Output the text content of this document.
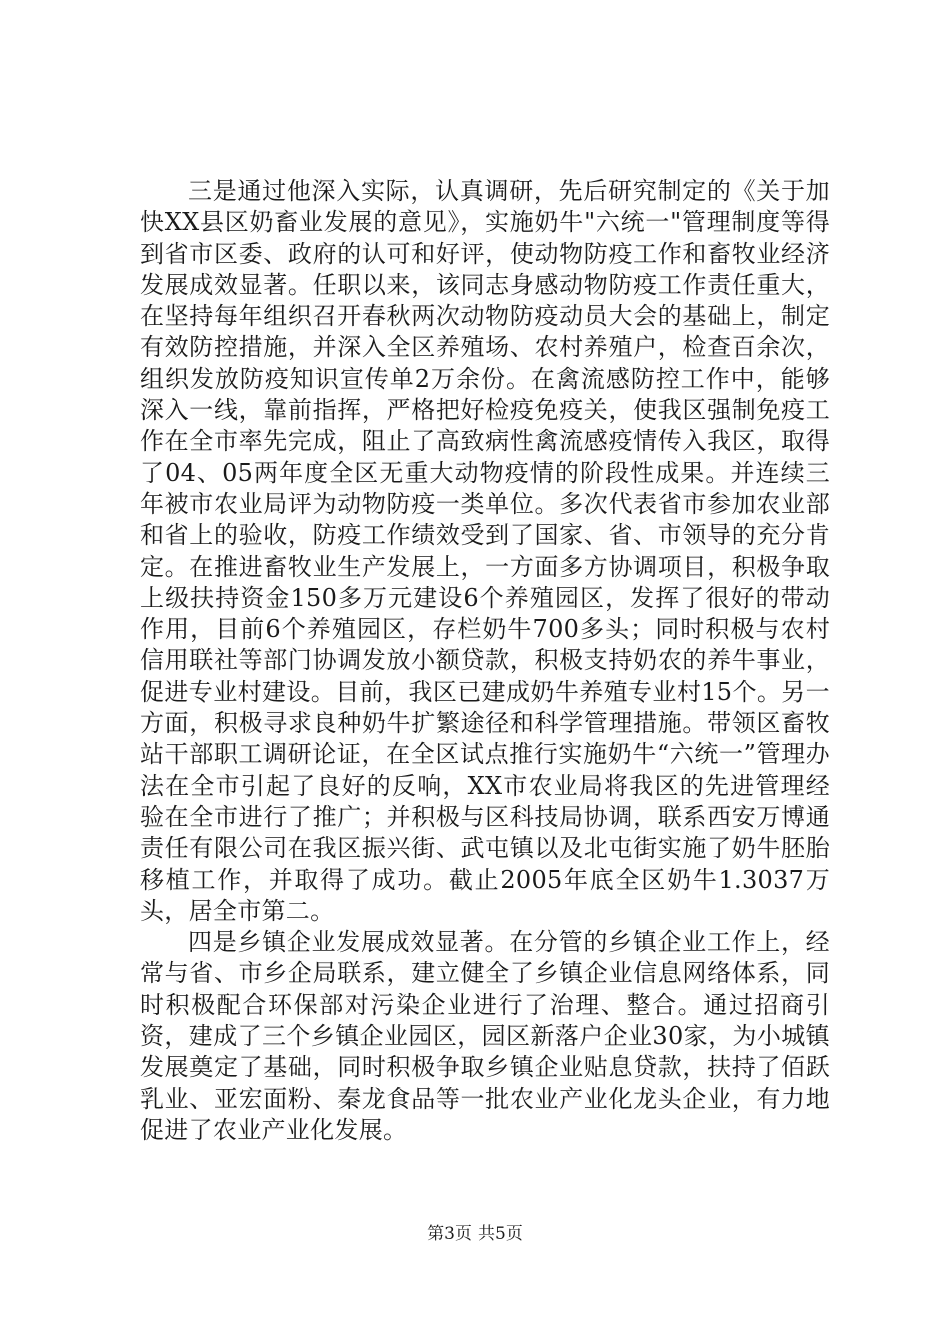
三是通过他深入实际，认真调研，先后研究制定的《关于加快XX县区奶畜业发展的意见》，实施奶牛"六统一"管理制度等得到省市区委、政府的认可和好评，使动物防疫工作和畜牧业经济发展成效显著。任职以来，该同志身感动物防疫工作责任重大，在坚持每年组织召开春秋两次动物防疫动员大会的基础上，制定有效防控措施，并深入全区养殖场、农村养殖户，检查百余次，组织发放防疫知识宣传单2万余份。在禽流感防控工作中，能够深入一线，靠前指挥，严格把好检疫免疫关，使我区强制免疫工作在全市率先完成，阻止了高致病性禽流感疫情传入我区，取得了04、05两年度全区无重大动物疫情的阶段性成果。并连续三年被市农业局评为动物防疫一类单位。多次代表省市参加农业部和省上的验收，防疫工作绩效受到了国家、省、市领导的充分肯定。在推进畜牧业生产发展上，一方面多方协调项目，积极争取上级扶持资金150多万元建设6个养殖园区，发挥了很好的带动作用，目前6个养殖园区，存栏奶牛700多头；同时积极与农村信用联社等部门协调发放小额贷款，积极支持奶农的养牛事业，促进专业村建设。目前，我区已建成奶牛养殖专业村15个。另一方面，积极寻求良种奶牛扩繁途径和科学管理措施。带领区畜牧站干部职工调研论证，在全区试点推行实施奶牛“六统一”管理办法在全市引起了良好的反响，XX市农业局将我区的先进管理经验在全市进行了推广；并积极与区科技局协调，联系西安万博通责任有限公司在我区振兴街、武屯镇以及北屯街实施了奶牛胚胎移植工作，并取得了成功。截止2005年底全区奶牛1.3037万头，居全市第二。

四是乡镇企业发展成效显著。在分管的乡镇企业工作上，经常与省、市乡企局联系，建立健全了乡镇企业信息网络体系，同时积极配合环保部对污染企业进行了治理、整合。通过招商引资，建成了三个乡镇企业园区，园区新落户企业30家，为小城镇发展奠定了基础，同时积极争取乡镇企业贴息贷款，扶持了佰跃乳业、亚宏面粉、秦龙食品等一批农业产业化龙头企业，有力地促进了农业产业化发展。

第3页 共5页
